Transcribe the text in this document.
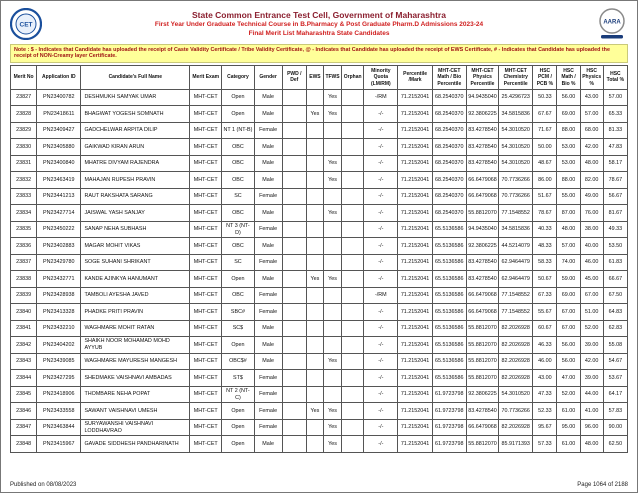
CET
State Common Entrance Test Cell, Government of Maharashtra
First Year Under Graduate Technical Course in B.Pharmacy & Post Graduate Pharm.D Admissions 2023-24
Final Merit List Maharashtra State Candidates
AARA
Note : $ - Indicates that Candidate has uploaded the receipt of Caste Validity Certificate / Tribe Validity Certificate, @ - Indicates that Candidate has uploaded the receipt of EWS Certificate, # - Indicates that Candidate has uploaded the receipt of NON-Creamy layer Certificate.
Merit No	Application ID	Candidate's Full Name	Merit Exam	Category	Gender	PWD / Def	EWS	TFWS	Orphan	Minority Quota (LM/RM)	Percentile /Mark	MHT-CET Math / Bio Percentile	MHT-CET Physics Percentile	MHT-CET Chemistry Percentile	HSC PCM / PCB %	HSC Math / Bio %	HSC Physics %	HSC Total %
23827	PN23400782	DESHMUKH SAMYAK UMAR	MHT-CET	Open	Male			Yes		-/RM	71.2152041	68.2540370	94.9435040	25.4296723	50.33	56.00	43.00	57.00
23828	PN23418611	BHAGWAT YOGESH SOMNATH	MHT-CET	Open	Male		Yes	Yes		-/-	71.2152041	68.2540370	92.3806225	34.5815836	67.67	69.00	57.00	65.33
23829	PN23409427	GADCHELWAR ARPITA DILIP	MHT-CET	NT 1 (NT-B)	Female					-/-	71.2152041	68.2540370	83.4278540	54.3010520	71.67	88.00	68.00	81.33
23830	PN23405880	GAIKWAD KIRAN ARUN	MHT-CET	OBC	Male					-/-	71.2152041	68.2540370	83.4278540	54.3010520	50.00	53.00	42.00	47.83
23831	PN23400840	MHATRE DIVYAM RAJENDRA	MHT-CET	OBC	Male			Yes		-/-	71.2152041	68.2540370	83.4278540	54.3010520	48.67	53.00	48.00	58.17
23832	PN23463419	MAHAJAN RUPESH PRAVIN	MHT-CET	OBC	Male			Yes		-/-	71.2152041	68.2540370	66.6479068	70.7736266	86.00	88.00	82.00	78.67
23833	PN23441213	RAUT RAKSHATA SARANG	MHT-CET	SC	Female					-/-	71.2152041	68.2540370	66.6479068	70.7736266	51.67	55.00	49.00	56.67
23834	PN23427714	JAISWAL YASH SANJAY	MHT-CET	OBC	Male			Yes		-/-	71.2152041	68.2540370	55.8812070	77.1548552	78.67	87.00	76.00	81.67
23835	PN23450222	SANAP NEHA SUBHASH	MHT-CET	NT 3 (NT-D)	Female					-/-	71.2152041	65.5136586	94.9435040	34.5815836	40.33	48.00	38.00	49.33
23836	PN23402883	MAGAR MOHIT VIKAS	MHT-CET	OBC	Male					-/-	71.2152041	65.5136586	92.3806225	44.5214079	48.33	57.00	40.00	53.50
23837	PN23429780	SOGE SUHANI SHRIKANT	MHT-CET	SC	Female					-/-	71.2152041	65.5136586	83.4278540	62.9464479	58.33	74.00	46.00	61.83
23838	PN23432771	KANDE AJINKYA HANUMANT	MHT-CET	Open	Male		Yes	Yes		-/-	71.2152041	65.5136586	83.4278540	62.9464479	50.67	59.00	45.00	66.67
23839	PN23428938	TAMBOLI AYESHA JAVED	MHT-CET	OBC	Female					-/RM	71.2152041	65.5136586	66.6479068	77.1548552	67.33	69.00	67.00	67.50
23840	PN23413328	PHADKE PRITI PRAVIN	MHT-CET	SBC#	Female					-/-	71.2152041	65.5136586	66.6479068	77.1548552	55.67	67.00	51.00	64.83
23841	PN23432210	WAGHMARE MOHIT RATAN	MHT-CET	SC$	Male					-/-	71.2152041	65.5136586	55.8812070	82.2026928	60.67	67.00	52.00	62.83
23842	PN23404202	SHAIKH NOOR MOHAMAD MOHD AYYUB	MHT-CET	Open	Male					-/-	71.2152041	65.5136586	55.8812070	82.2026928	46.33	56.00	39.00	55.08
23843	PN23439085	WAGHMARE MAYURESH MANGESH	MHT-CET	OBC$#	Male			Yes		-/-	71.2152041	65.5136586	55.8812070	82.2026928	46.00	56.00	42.00	54.67
23844	PN23427295	SHEDMAKE VAISHNAVI AMBADAS	MHT-CET	ST$	Female					-/-	71.2152041	65.5136586	55.8812070	82.2026928	43.00	47.00	39.00	53.67
23845	PN23418906	THOMBARE NEHA POPAT	MHT-CET	NT 2 (NT-C)	Female					-/-	71.2152041	61.9723798	92.3806225	54.3010520	47.33	52.00	44.00	64.17
23846	PN23433558	SAWANT VAISHNAVI UMESH	MHT-CET	Open	Female		Yes	Yes		-/-	71.2152041	61.9723798	83.4278540	70.7736266	52.33	61.00	41.00	57.83
23847	PN23463844	SURYAWANSHI VAISHNAVI LODDHAVRAO	MHT-CET	Open	Female			Yes		-/-	71.2152041	61.9723798	66.6479068	82.2026928	95.67	95.00	96.00	90.00
23848	PN23415967	GAVADE SIDDHESH PANDHARINATH	MHT-CET	Open	Male			Yes		-/-	71.2152041	61.9723798	55.8812070	85.9171393	57.33	61.00	48.00	62.50
Published on 08/08/2023	Page 1064 of 2188
